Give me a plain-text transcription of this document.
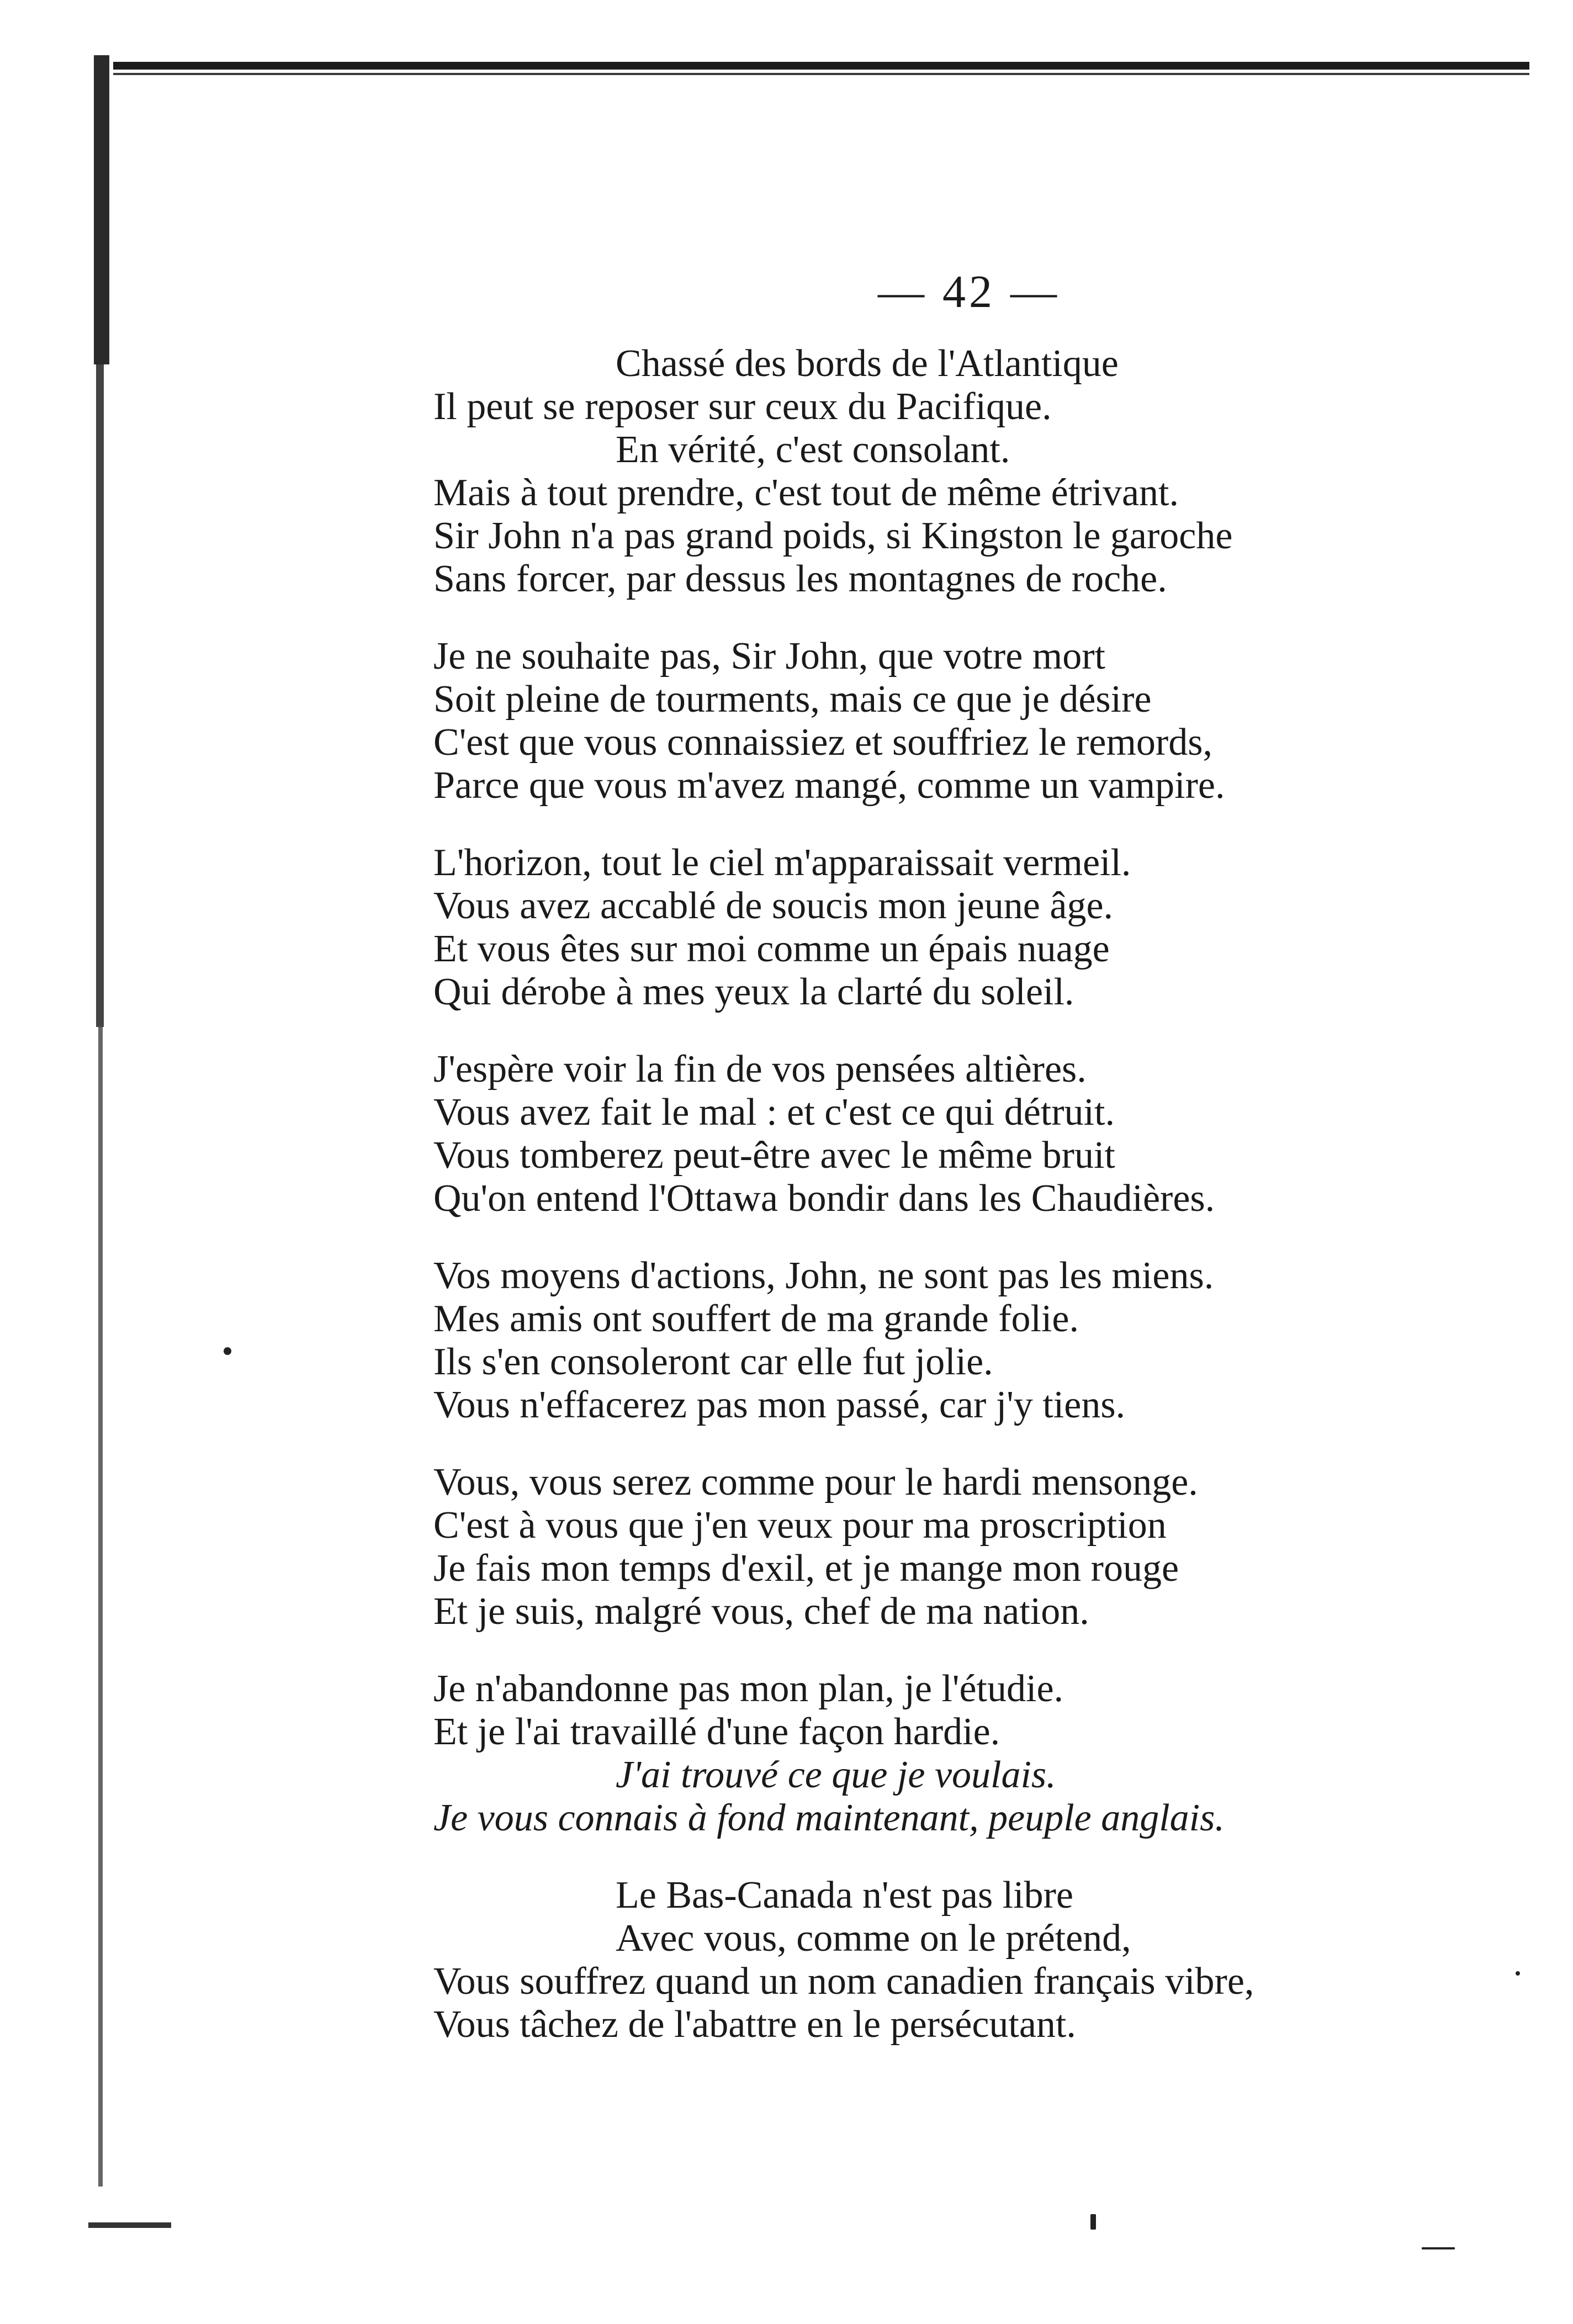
— 42 —
Chassé des bords de l'Atlantique
Il peut se reposer sur ceux du Pacifique.
En vérité, c'est consolant.
Mais à tout prendre, c'est tout de même étrivant.
Sir John n'a pas grand poids, si Kingston le garoche
Sans forcer, par dessus les montagnes de roche.
Je ne souhaite pas, Sir John, que votre mort
Soit pleine de tourments, mais ce que je désire
C'est que vous connaissiez et souffriez le remords,
Parce que vous m'avez mangé, comme un vampire.
L'horizon, tout le ciel m'apparaissait vermeil.
Vous avez accablé de soucis mon jeune âge.
Et vous êtes sur moi comme un épais nuage
Qui dérobe à mes yeux la clarté du soleil.
J'espère voir la fin de vos pensées altières.
Vous avez fait le mal : et c'est ce qui détruit.
Vous tomberez peut-être avec le même bruit
Qu'on entend l'Ottawa bondir dans les Chaudières.
Vos moyens d'actions, John, ne sont pas les miens.
Mes amis ont souffert de ma grande folie.
Ils s'en consoleront car elle fut jolie.
Vous n'effacerez pas mon passé, car j'y tiens.
Vous, vous serez comme pour le hardi mensonge.
C'est à vous que j'en veux pour ma proscription
Je fais mon temps d'exil, et je mange mon rouge
Et je suis, malgré vous, chef de ma nation.
Je n'abandonne pas mon plan, je l'étudie.
Et je l'ai travaillé d'une façon hardie.
J'ai trouvé ce que je voulais.
Je vous connais à fond maintenant, peuple anglais.
Le Bas-Canada n'est pas libre
Avec vous, comme on le prétend,
Vous souffrez quand un nom canadien français vibre,
Vous tâchez de l'abattre en le persécutant.
